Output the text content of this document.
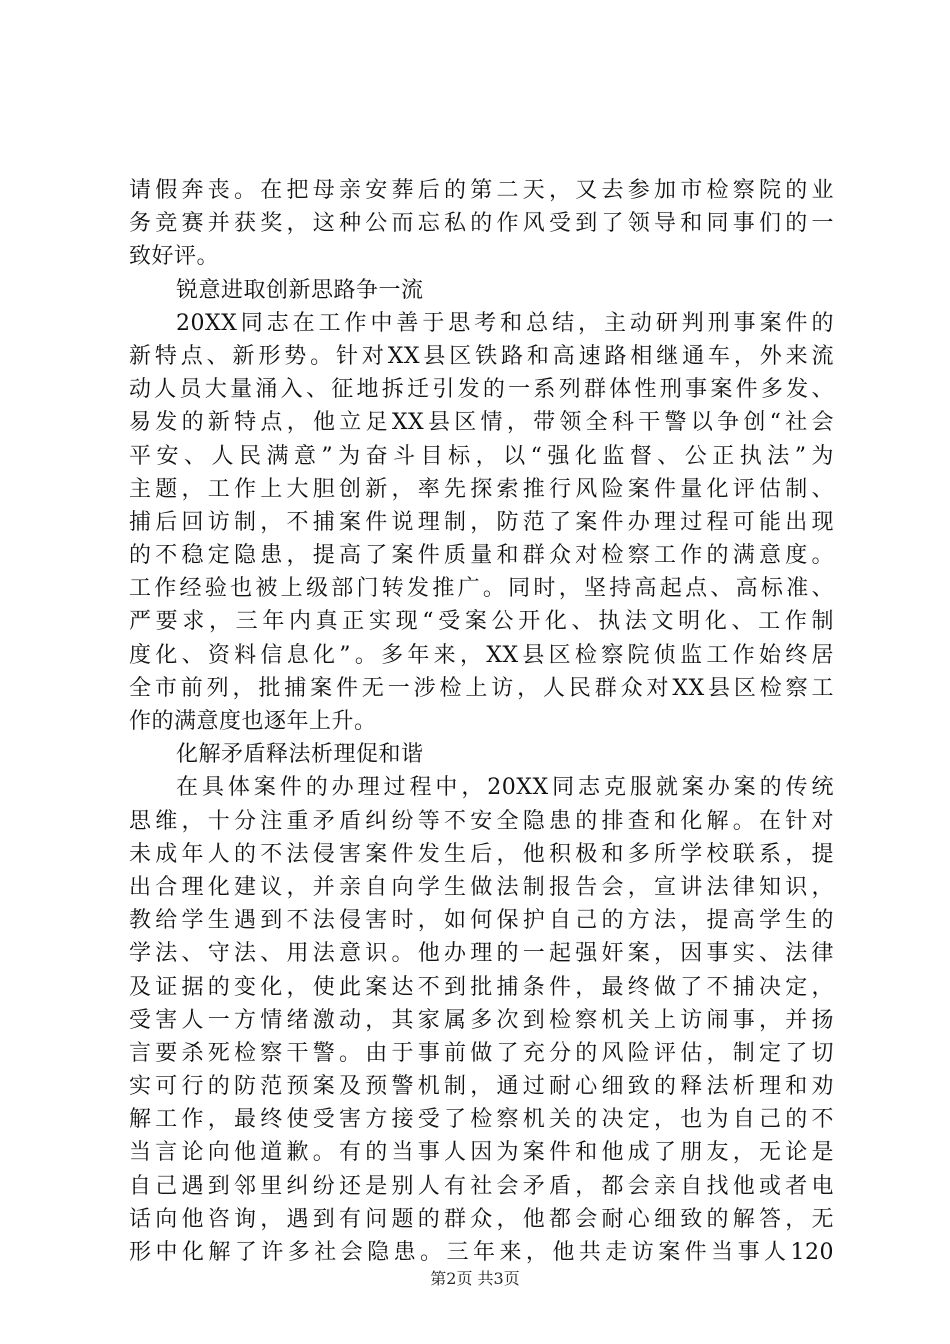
请假奔丧。在把母亲安葬后的第二天，又去参加市检察院的业
务竞赛并获奖，这种公而忘私的作风受到了领导和同事们的一
致好评。
锐意进取创新思路争一流
20XX同志在工作中善于思考和总结，主动研判刑事案件的
新特点、新形势。针对XX县区铁路和高速路相继通车，外来流
动人员大量涌入、征地拆迁引发的一系列群体性刑事案件多发、
易发的新特点，他立足XX县区情，带领全科干警以争创“社会
平安、人民满意”为奋斗目标，以“强化监督、公正执法”为
主题，工作上大胆创新，率先探索推行风险案件量化评估制、
捕后回访制，不捕案件说理制，防范了案件办理过程可能出现
的不稳定隐患，提高了案件质量和群众对检察工作的满意度。
工作经验也被上级部门转发推广。同时，坚持高起点、高标准、
严要求，三年内真正实现“受案公开化、执法文明化、工作制
度化、资料信息化”。多年来，XX县区检察院侦监工作始终居
全市前列，批捕案件无一涉检上访，人民群众对XX县区检察工
作的满意度也逐年上升。
化解矛盾释法析理促和谐
在具体案件的办理过程中，20XX同志克服就案办案的传统
思维，十分注重矛盾纠纷等不安全隐患的排查和化解。在针对
未成年人的不法侵害案件发生后，他积极和多所学校联系，提
出合理化建议，并亲自向学生做法制报告会，宣讲法律知识，
教给学生遇到不法侵害时，如何保护自己的方法，提高学生的
学法、守法、用法意识。他办理的一起强奸案，因事实、法律
及证据的变化，使此案达不到批捕条件，最终做了不捕决定，
受害人一方情绪激动，其家属多次到检察机关上访闹事，并扬
言要杀死检察干警。由于事前做了充分的风险评估，制定了切
实可行的防范预案及预警机制，通过耐心细致的释法析理和劝
解工作，最终使受害方接受了检察机关的决定，也为自己的不
当言论向他道歉。有的当事人因为案件和他成了朋友，无论是
自己遇到邻里纠纷还是别人有社会矛盾，都会亲自找他或者电
话向他咨询，遇到有问题的群众，他都会耐心细致的解答，无
形中化解了许多社会隐患。三年来，他共走访案件当事人120
第2页 共3页
